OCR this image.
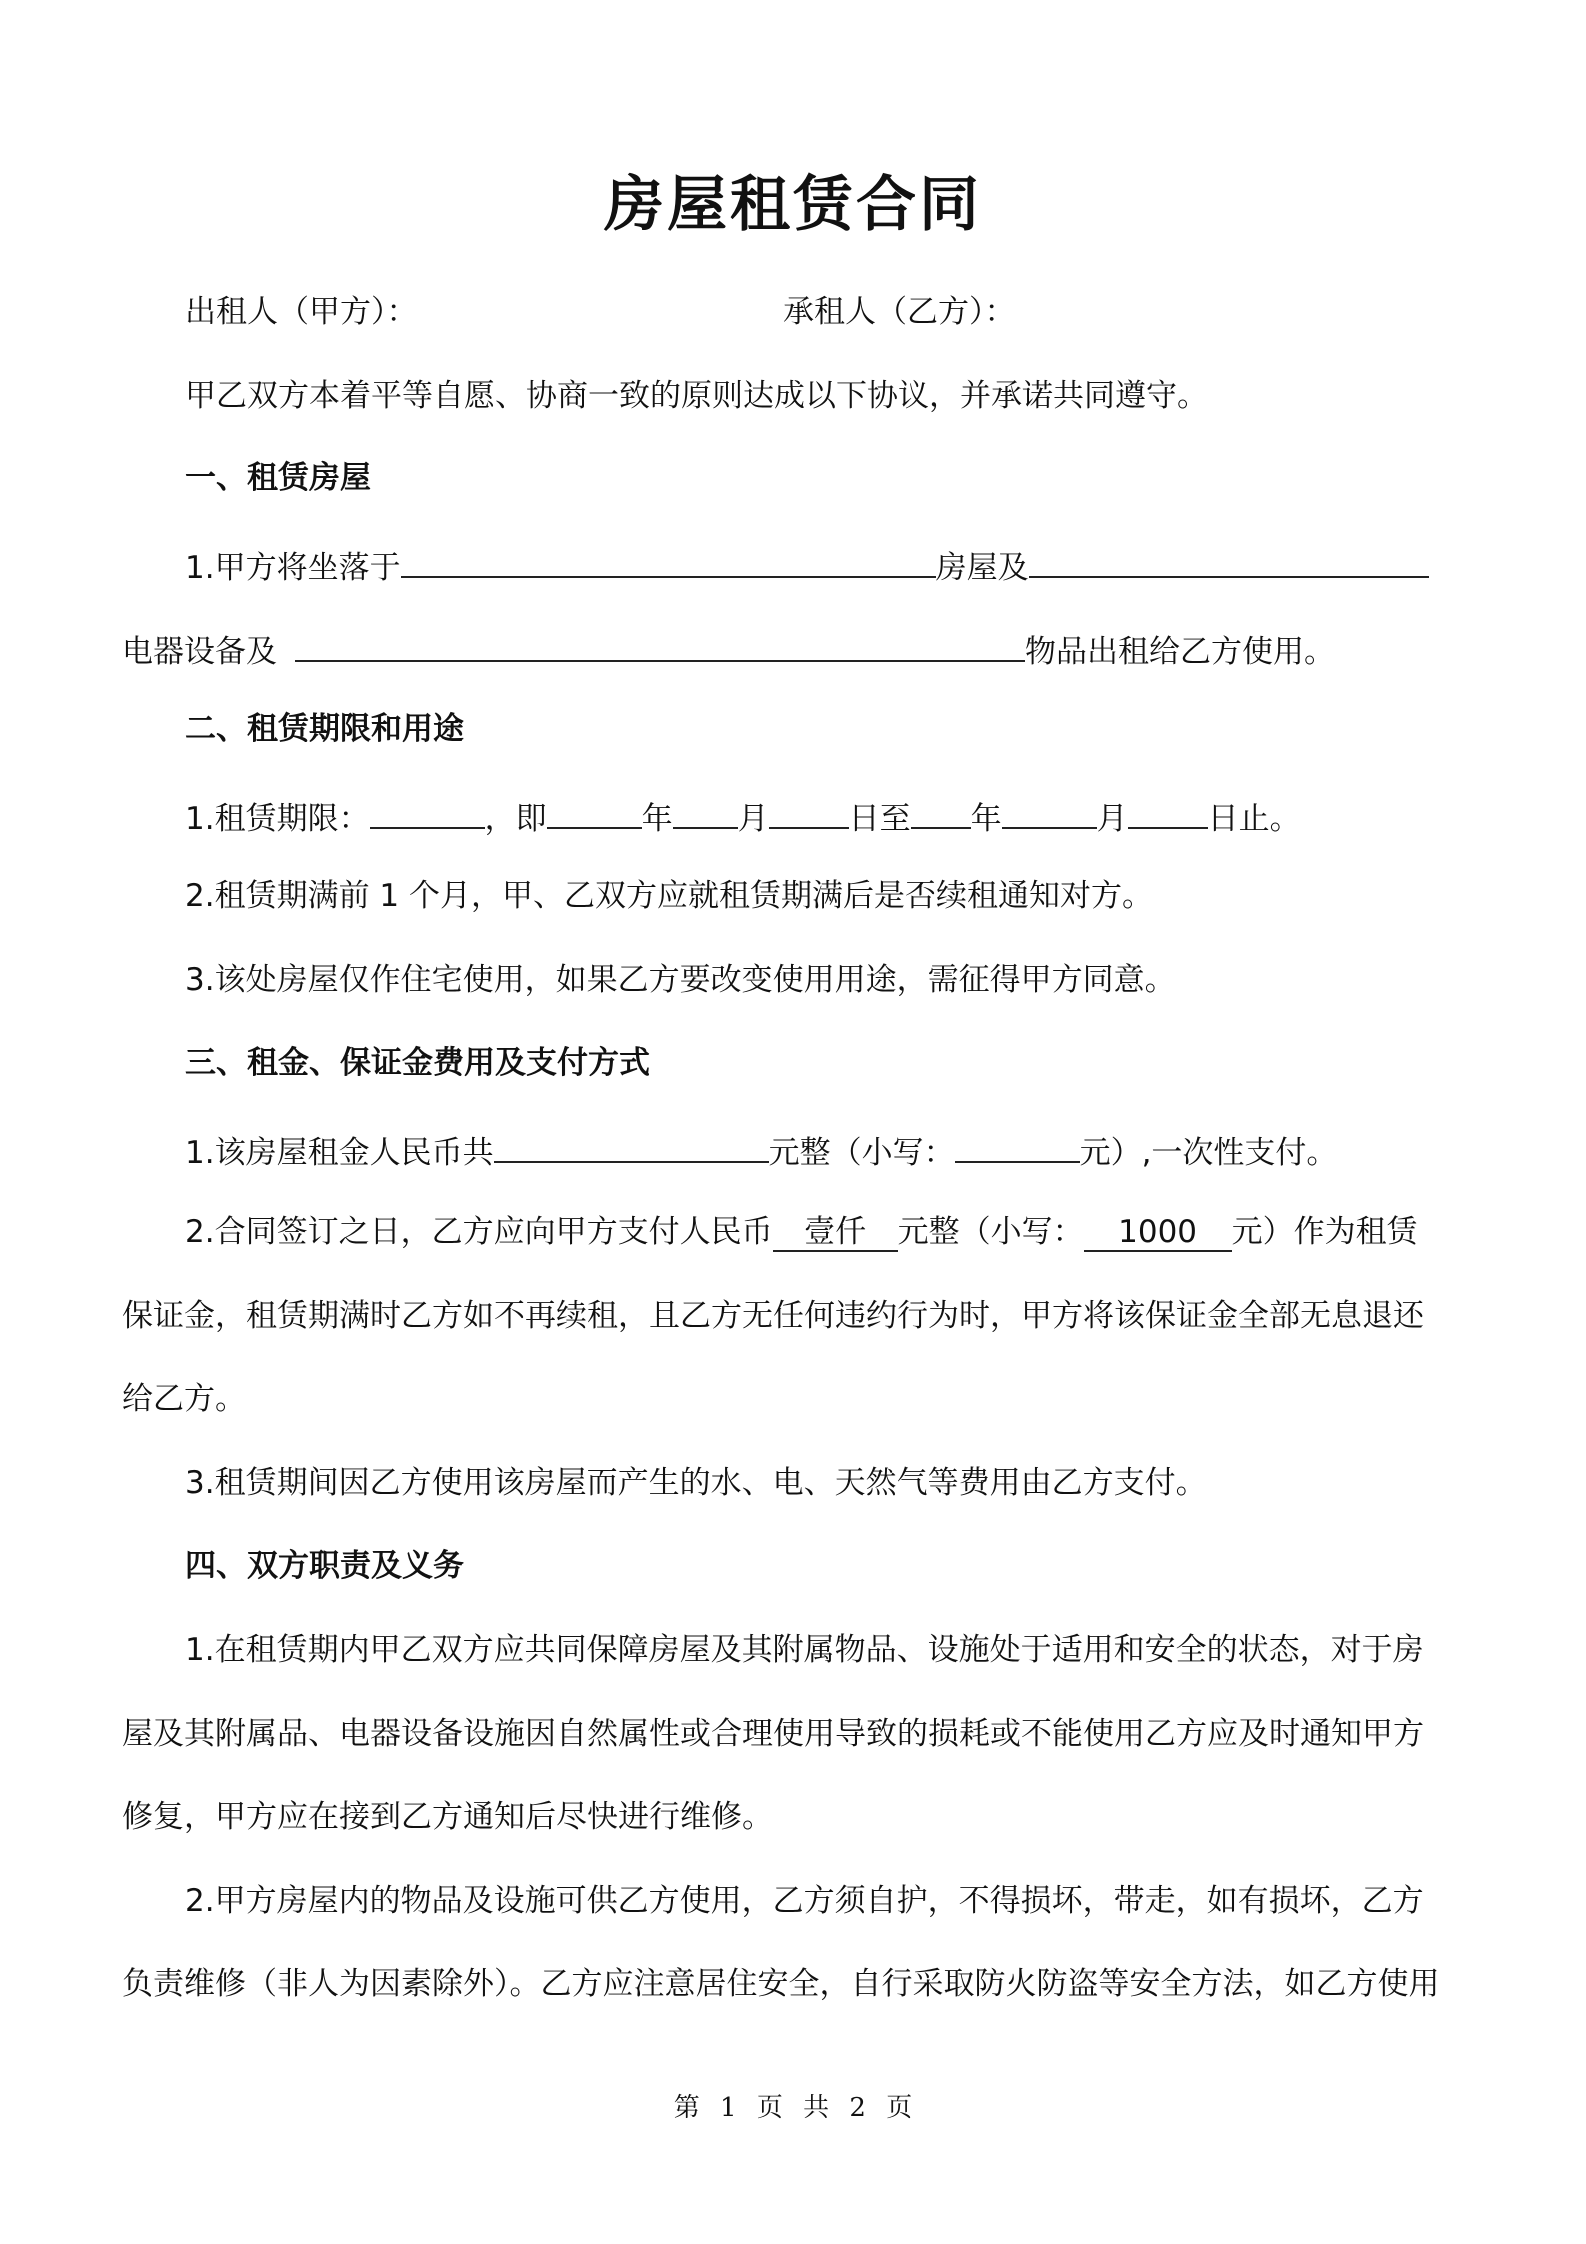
房屋租赁合同
出租人（甲方）：	承租人（乙方）：
甲乙双方本着平等自愿、协商一致的原则达成以下协议，并承诺共同遵守。
一、租赁房屋
1.甲方将坐落于	房屋及
电器设备及	物品出租给乙方使用。
二、租赁期限和用途
1.租赁期限：	，即	年 月	日至 年	月	日止。
2.租赁期满前 1 个月，甲、乙双方应就租赁期满后是否续租通知对方。
3.该处房屋仅作住宅使用，如果乙方要改变使用用途，需征得甲方同意。
三、租金、保证金费用及支付方式
1.该房屋租金人民币共	元整（小写：	元）,一次性支付。
2.合同签订之日，乙方应向甲方支付人民币 壹仟 元整（小写： 1000 元）作为租赁
保证金，租赁期满时乙方如不再续租，且乙方无任何违约行为时，甲方将该保证金全部无息退还
给乙方。
3.租赁期间因乙方使用该房屋而产生的水、电、天然气等费用由乙方支付。
四、双方职责及义务
1.在租赁期内甲乙双方应共同保障房屋及其附属物品、设施处于适用和安全的状态，对于房
屋及其附属品、电器设备设施因自然属性或合理使用导致的损耗或不能使用乙方应及时通知甲方
修复，甲方应在接到乙方通知后尽快进行维修。
2.甲方房屋内的物品及设施可供乙方使用，乙方须自护，不得损坏，带走，如有损坏，乙方
负责维修（非人为因素除外）。乙方应注意居住安全，自行采取防火防盗等安全方法，如乙方使用
第 1 页 共 2 页
